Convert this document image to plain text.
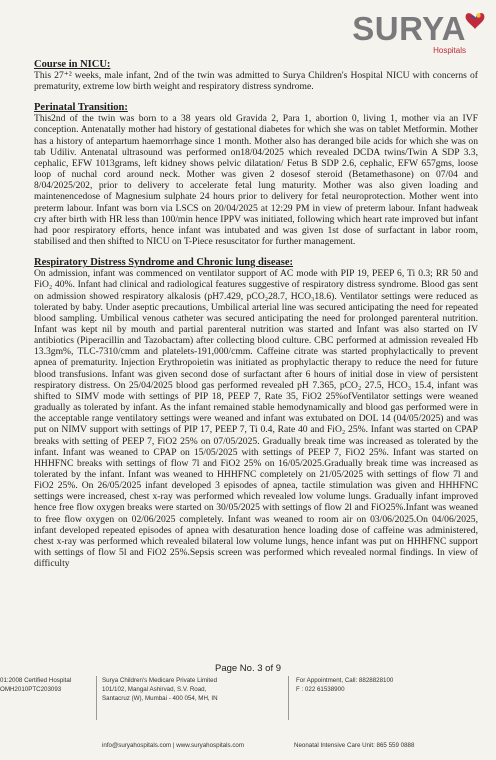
SURYA
Hospitals
Course in NICU:
This 27⁺² weeks, male infant, 2nd of the twin was admitted to Surya Children's Hospital NICU with concerns of prematurity, extreme low birth weight and respiratory distress syndrome.
Perinatal Transition:
This2nd of the twin was born to a 38 years old Gravida 2, Para 1, abortion 0, living 1, mother via an IVF conception. Antenatally mother had history of gestational diabetes for which she was on tablet Metformin. Mother has a history of antepartum haemorrhage since 1 month. Mother also has deranged bile acids for which she was on tab Udiliv. Antenatal ultrasound was performed on18/04/2025 which revealed DCDA twins/Twin A SDP 3.3, cephalic, EFW 1013grams, left kidney shows pelvic dilatation/ Fetus B SDP 2.6, cephalic, EFW 657gms, loose loop of nuchal cord around neck. Mother was given 2 dosesof steroid (Betamethasone) on 07/04 and 8/04/2025/202, prior to delivery to accelerate fetal lung maturity. Mother was also given loading and maintenencedose of Magnesium sulphate 24 hours prior to delivery for fetal neuroprotection. Mother went into preterm labour. Infant was born via LSCS on 20/04/2025 at 12:29 PM in view of preterm labour. Infant hadweak cry after birth with HR less than 100/min hence IPPV was initiated, following which heart rate improved but infant had poor respiratory efforts, hence infant was intubated and was given 1st dose of surfactant in labor room, stabilised and then shifted to NICU on T-Piece resuscitator for further management.
Respiratory Distress Syndrome and Chronic lung disease:
On admission, infant was commenced on ventilator support of AC mode with PIP 19, PEEP 6, Ti 0.3; RR 50 and FiO₂ 40%. Infant had clinical and radiological features suggestive of respiratory distress syndrome. Blood gas sent on admission showed respiratory alkalosis (pH7.429, pCO₂28.7, HCO₃18.6). Ventilator settings were reduced as tolerated by baby. Under aseptic precautions, Umbilical arterial line was secured anticipating the need for repeated blood sampling. Umbilical venous catheter was secured anticipating the need for prolonged parenteral nutrition. Infant was kept nil by mouth and partial parenteral nutrition was started and Infant was also started on IV antibiotics (Piperacillin and Tazobactam) after collecting blood culture. CBC performed at admission revealed Hb 13.3gm%, TLC-7310/cmm and platelets-191,000/cmm. Caffeine citrate was started prophylactically to prevent apnea of prematurity. Injection Erythropoietin was initiated as prophylactic therapy to reduce the need for future blood transfusions. Infant was given second dose of surfactant after 6 hours of initial dose in view of persistent respiratory distress. On 25/04/2025 blood gas performed revealed pH 7.365, pCO₂ 27.5, HCO₃ 15.4, infant was shifted to SIMV mode with settings of PIP 18, PEEP 7, Rate 35, FiO2 25%ofVentilator settings were weaned gradually as tolerated by infant. As the infant remained stable hemodynamically and blood gas performed were in the acceptable range ventilatory settings were weaned and infant was extubated on DOL 14 (04/05/2025) and was put on NIMV support with settings of PIP 17, PEEP 7, Ti 0.4, Rate 40 and FiO₂ 25%. Infant was started on CPAP breaks with setting of PEEP 7, FiO2 25% on 07/05/2025. Gradually break time was increased as tolerated by the infant. Infant was weaned to CPAP on 15/05/2025 with settings of PEEP 7, FiO2 25%. Infant was started on HHHFNC breaks with settings of flow 7l and FiO2 25% on 16/05/2025.Gradually break time was increased as tolerated by the infant. Infant was weaned to HHHFNC completely on 21/05/2025 with settings of flow 7l and FiO2 25%. On 26/05/2025 infant developed 3 episodes of apnea, tactile stimulation was given and HHHFNC settings were increased, chest x-ray was performed which revealed low volume lungs. Gradually infant improved hence free flow oxygen breaks were started on 30/05/2025 with settings of flow 2l and FiO25%.Infant was weaned to free flow oxygen on 02/06/2025 completely. Infant was weaned to room air on 03/06/2025.On 04/06/2025, infant developed repeated episodes of apnea with desaturation hence loading dose of caffeine was administered, chest x-ray was performed which revealed bilateral low volume lungs, hence infant was put on HHHFNC support with settings of flow 5l and FiO2 25%.Sepsis screen was performed which revealed normal findings. In view of difficulty
Page No. 3 of 9
01:2008 Certified Hospital
OMH2010PTC203093
Surya Children's Medicare Private Limited
101/102, Mangal Ashirvad, S.V. Road,
Santacruz (W), Mumbai - 400 054, MH, IN
For Appointment, Call: 8828828100
F : 022 61538900
info@suryahospitals.com | www.suryahospitals.com	Neonatal Intensive Care Unit: 865 559 0888
